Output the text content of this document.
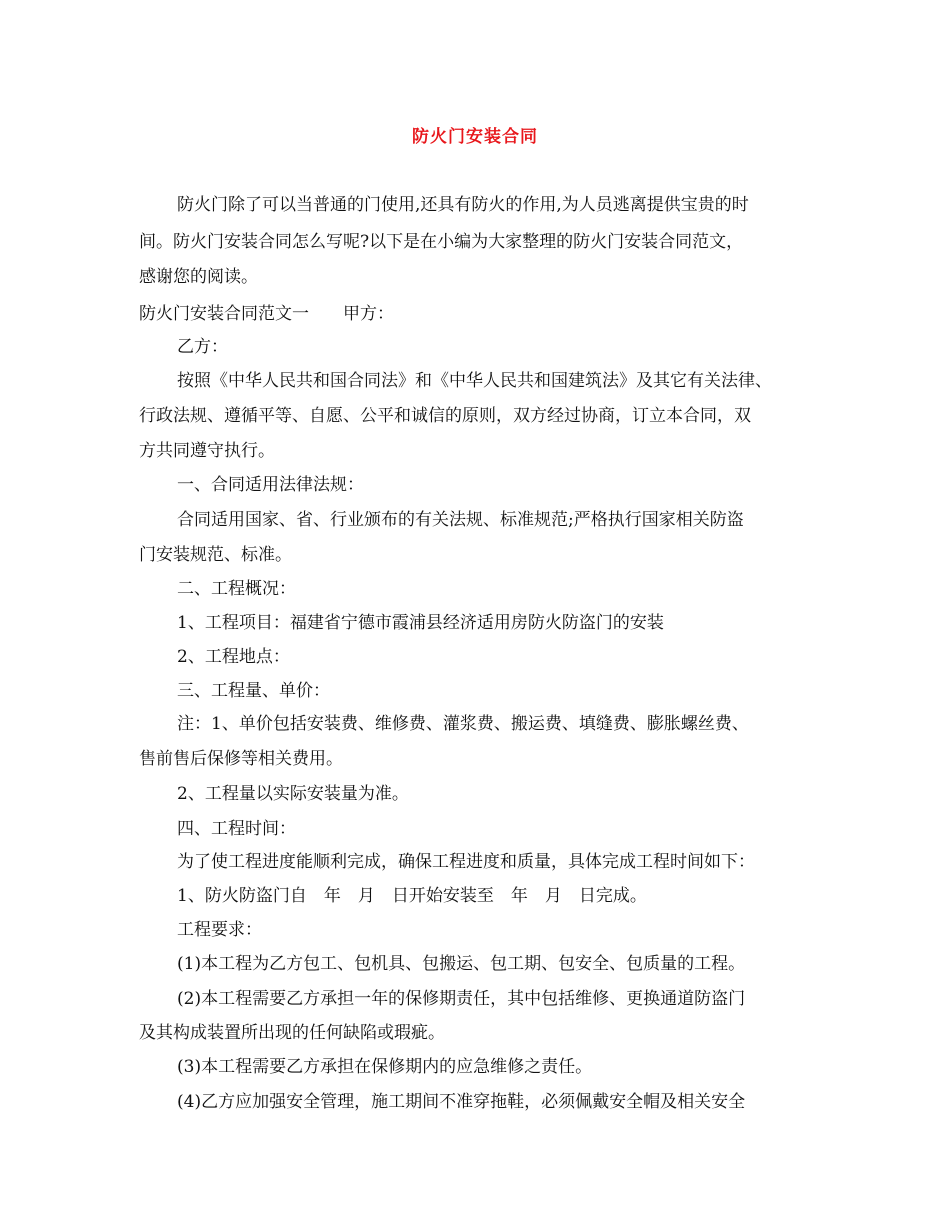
防火门安装合同
防火门除了可以当普通的门使用,还具有防火的作用,为人员逃离提供宝贵的时
间。防火门安装合同怎么写呢?以下是在小编为大家整理的防火门安装合同范文，
感谢您的阅读。
防火门安装合同范文一　　甲方：
乙方：
按照《中华人民共和国合同法》和《中华人民共和国建筑法》及其它有关法律、
行政法规、遵循平等、自愿、公平和诚信的原则，双方经过协商，订立本合同，双
方共同遵守执行。
一、合同适用法律法规：
合同适用国家、省、行业颁布的有关法规、标准规范;严格执行国家相关防盗
门安装规范、标准。
二、工程概况：
1、工程项目：福建省宁德市霞浦县经济适用房防火防盗门的安装
2、工程地点：
三、工程量、单价：
注：1、单价包括安装费、维修费、灌浆费、搬运费、填缝费、膨胀螺丝费、
售前售后保修等相关费用。
2、工程量以实际安装量为准。
四、工程时间：
为了使工程进度能顺利完成，确保工程进度和质量，具体完成工程时间如下：
1、防火防盗门自　年　月　日开始安装至　年　月　日完成。
工程要求：
(1)本工程为乙方包工、包机具、包搬运、包工期、包安全、包质量的工程。
(2)本工程需要乙方承担一年的保修期责任，其中包括维修、更换通道防盗门
及其构成装置所出现的任何缺陷或瑕疵。
(3)本工程需要乙方承担在保修期内的应急维修之责任。
(4)乙方应加强安全管理，施工期间不准穿拖鞋，必须佩戴安全帽及相关安全
